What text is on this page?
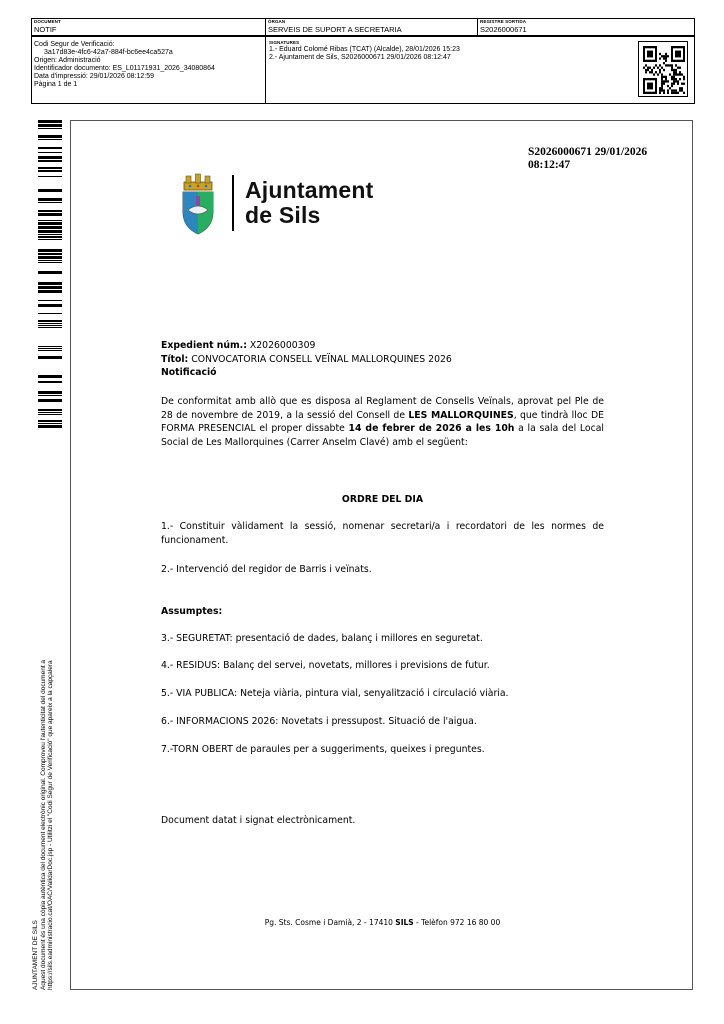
DOCUMENT
NOTIF
ÒRGAN
SERVEIS DE SUPORT A SECRETARIA
REGISTRE SORTIDA
S2026000671
Codi Segur de Verificació:
3a17d83e-4fc6-42a7-884f-bc6ee4ca527a
Origen: Administració
Identificador documento: ES_L01171931_2026_34080864
Data d'impressió: 29/01/2026 08:12:59
Pàgina 1 de 1
SIGNATURES
1.- Eduard Colomé Ribas (TCAT) (Alcalde), 28/01/2026 15:23
2.- Ajuntament de Sils, S2026000671 29/01/2026 08:12:47
AJUNTAMENT DE SILS Aquest document és una còpia autèntica del document electrònic original. Comproveu l'autenticitat del document a https://sils.eadministracio.cat/OAC/ValidarDoc.jsp - Utilitzi el "Codi Segur de Verificació" que apareix a la capçalera
S2026000671 29/01/2026
08:12:47
Ajuntament
de Sils
Expedient núm.: X2026000309
Títol: CONVOCATORIA CONSELL VEÏNAL MALLORQUINES 2026
Notificació
De conformitat amb allò que es disposa al Reglament de Consells Veïnals, aprovat pel Ple de 28 de novembre de 2019, a la sessió del Consell de LES MALLORQUINES, que tindrà lloc DE FORMA PRESENCIAL el proper dissabte 14 de febrer de 2026 a les 10h a la sala del Local Social de Les Mallorquines (Carrer Anselm Clavé) amb el següent:
ORDRE DEL DIA
1.- Constituir vàlidament la sessió, nomenar secretari/a i recordatori de les normes de funcionament.
2.- Intervenció del regidor de Barris i veïnats.
Assumptes:
3.- SEGURETAT: presentació de dades, balanç i millores en seguretat.
4.- RESIDUS: Balanç del servei, novetats, millores i previsions de futur.
5.- VIA PUBLICA: Neteja viària, pintura vial, senyalització i circulació viària.
6.- INFORMACIONS 2026: Novetats i pressupost. Situació de l'aigua.
7.-TORN OBERT de paraules per a suggeriments, queixes i preguntes.
Document datat i signat electrònicament.
Pg. Sts. Cosme i Damià, 2 - 17410 SILS - Telèfon 972 16 80 00
